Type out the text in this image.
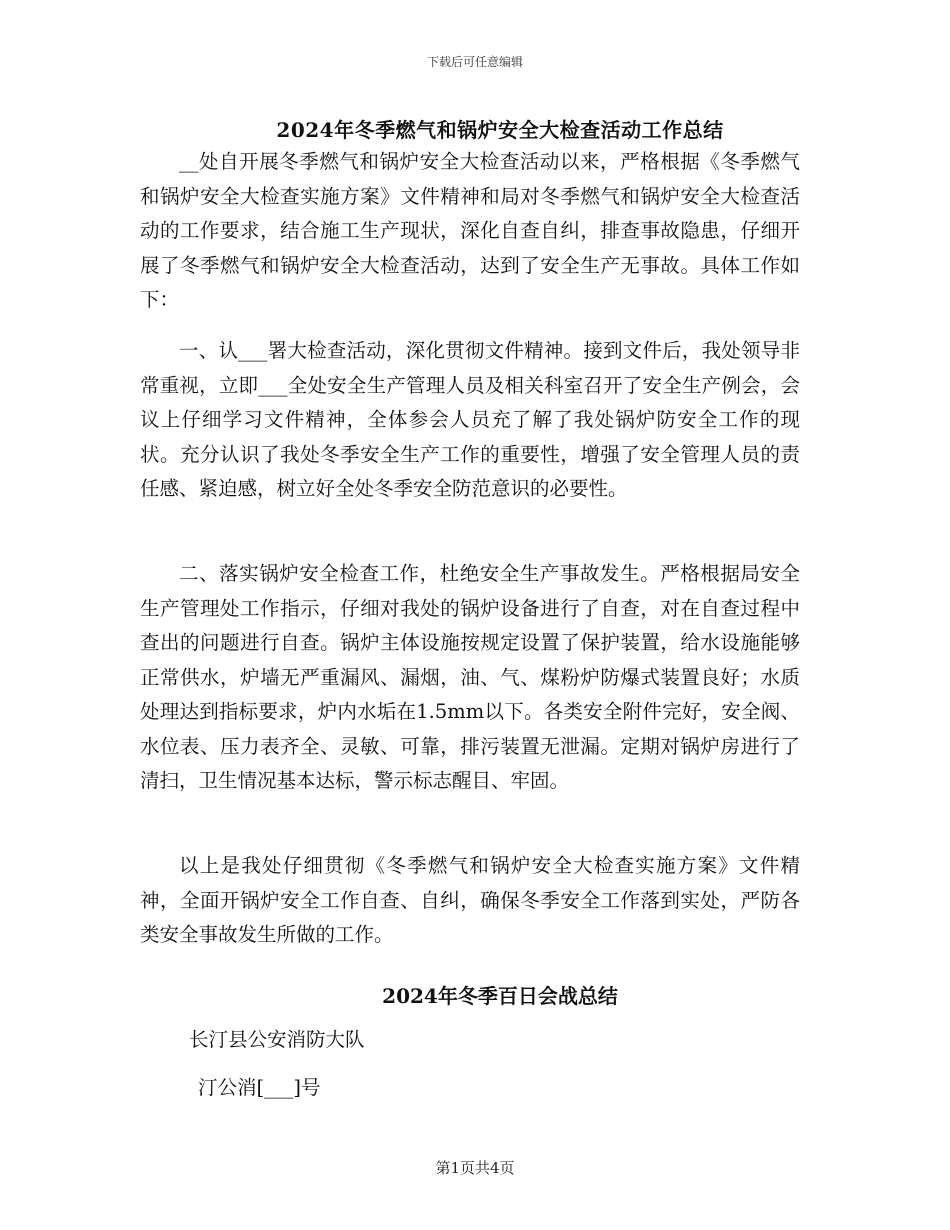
下载后可任意编辑
2024年冬季燃气和锅炉安全大检查活动工作总结

__处自开展冬季燃气和锅炉安全大检查活动以来，严格根据《冬季燃气和锅炉安全大检查实施方案》文件精神和局对冬季燃气和锅炉安全大检查活动的工作要求，结合施工生产现状，深化自查自纠，排查事故隐患，仔细开展了冬季燃气和锅炉安全大检查活动，达到了安全生产无事故。具体工作如下：

一、认___署大检查活动，深化贯彻文件精神。接到文件后，我处领导非常重视，立即___全处安全生产管理人员及相关科室召开了安全生产例会，会议上仔细学习文件精神，全体参会人员充了解了我处锅炉防安全工作的现状。充分认识了我处冬季安全生产工作的重要性，增强了安全管理人员的责任感、紧迫感，树立好全处冬季安全防范意识的必要性。

二、落实锅炉安全检查工作，杜绝安全生产事故发生。严格根据局安全生产管理处工作指示，仔细对我处的锅炉设备进行了自查，对在自查过程中查出的问题进行自查。锅炉主体设施按规定设置了保护装置，给水设施能够正常供水，炉墙无严重漏风、漏烟，油、气、煤粉炉防爆式装置良好；水质处理达到指标要求，炉内水垢在1.5mm以下。各类安全附件完好，安全阀、水位表、压力表齐全、灵敏、可靠，排污装置无泄漏。定期对锅炉房进行了清扫，卫生情况基本达标，警示标志醒目、牢固。

以上是我处仔细贯彻《冬季燃气和锅炉安全大检查实施方案》文件精神，全面开锅炉安全工作自查、自纠，确保冬季安全工作落到实处，严防各类安全事故发生所做的工作。

2024年冬季百日会战总结
长汀县公安消防大队
汀公消[___]号
第1页共4页
